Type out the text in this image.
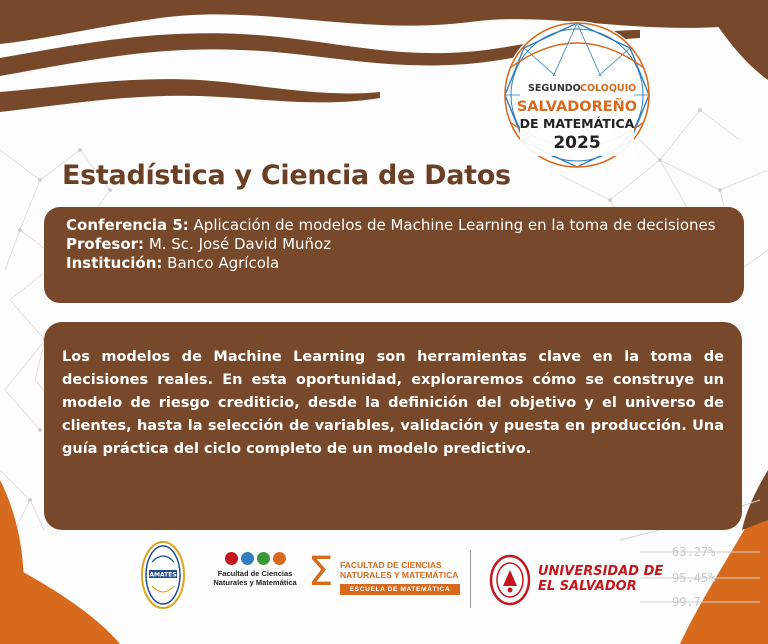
SEGUNDO COLOQUIO
SALVADOREÑO
DE MATEMÁTICA
2025
Estadística y Ciencia de Datos
Conferencia 5: Aplicación de modelos de Machine Learning en la toma de decisiones
Profesor: M. Sc. José David Muñoz
Institución: Banco Agrícola

Los modelos de Machine Learning son herramientas clave en la toma de decisiones reales. En esta oportunidad, exploraremos cómo se construye un modelo de riesgo crediticio, desde la definición del objetivo y el universo de clientes, hasta la selección de variables, validación y puesta en producción. Una guía práctica del ciclo completo de un modelo predictivo.

63.27%
95.45%
99.7
AMATES	Facultad de Ciencias
Naturales y Matemática Σ FACULTAD DE CIENCIAS
NATURALES Y MATEMÁTICA
ESCUELA DE MATEMÁTICA
UNIVERSIDAD DE
EL SALVADOR
